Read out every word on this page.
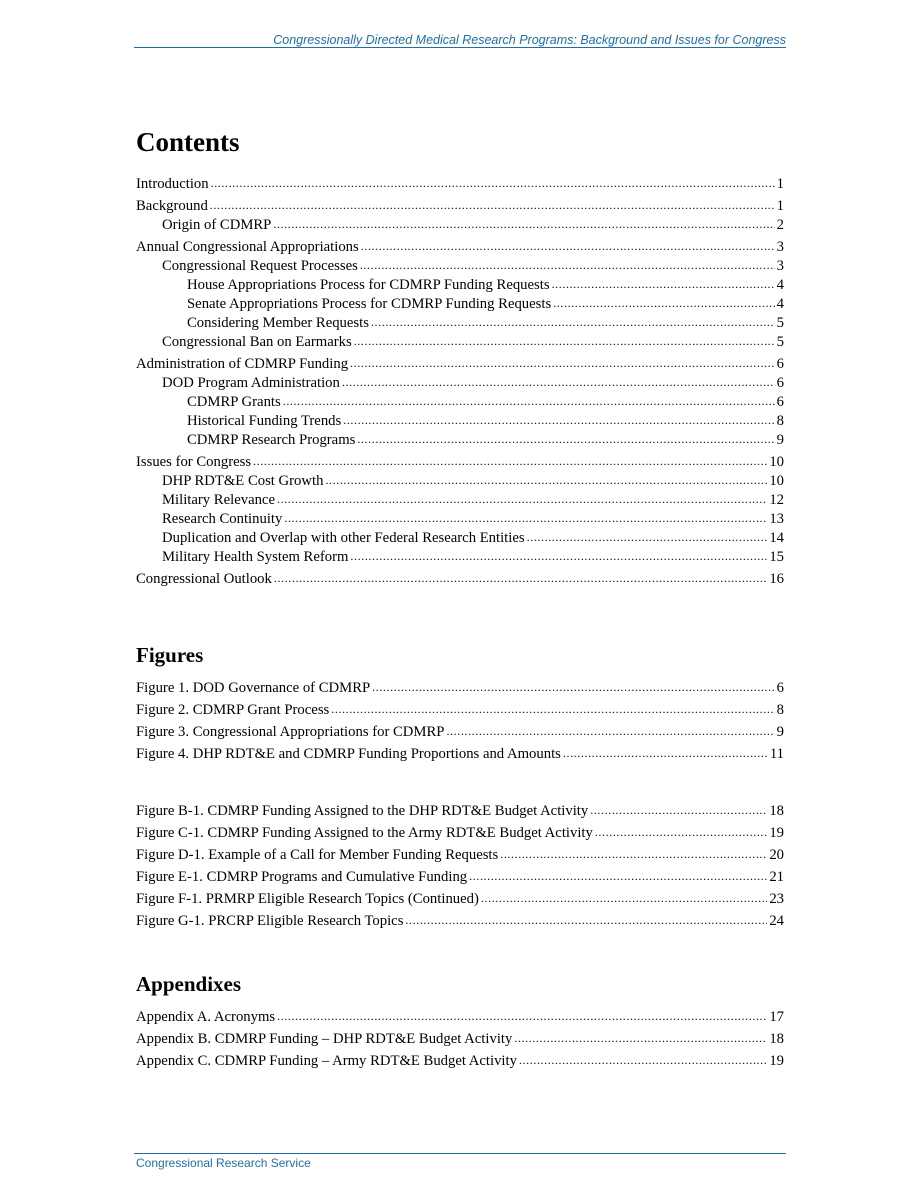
Congressionally Directed Medical Research Programs: Background and Issues for Congress
Contents
Introduction .....	1
Background .....	1
Origin of CDMRP .....	2
Annual Congressional Appropriations .....	3
Congressional Request Processes .....	3
House Appropriations Process for CDMRP Funding Requests .....	4
Senate Appropriations Process for CDMRP Funding Requests .....	4
Considering Member Requests .....	5
Congressional Ban on Earmarks .....	5
Administration of CDMRP Funding .....	6
DOD Program Administration .....	6
CDMRP Grants .....	6
Historical Funding Trends .....	8
CDMRP Research Programs .....	9
Issues for Congress .....	10
DHP RDT&E Cost Growth .....	10
Military Relevance .....	12
Research Continuity .....	13
Duplication and Overlap with other Federal Research Entities .....	14
Military Health System Reform .....	15
Congressional Outlook .....	16
Figures
Figure 1. DOD Governance of CDMRP .....	6
Figure 2. CDMRP Grant Process .....	8
Figure 3. Congressional Appropriations for CDMRP .....	9
Figure 4. DHP RDT&E and CDMRP Funding Proportions and Amounts .....	11
Figure B-1. CDMRP Funding Assigned to the DHP RDT&E Budget Activity .....	18
Figure C-1. CDMRP Funding Assigned to the Army RDT&E Budget Activity .....	19
Figure D-1. Example of a Call for Member Funding Requests .....	20
Figure E-1. CDMRP Programs and Cumulative Funding .....	21
Figure F-1. PRMRP Eligible Research Topics (Continued) .....	23
Figure G-1. PRCRP Eligible Research Topics .....	24
Appendixes
Appendix A. Acronyms .....	17
Appendix B. CDMRP Funding – DHP RDT&E Budget Activity .....	18
Appendix C. CDMRP Funding – Army RDT&E Budget Activity .....	19
Congressional Research Service
